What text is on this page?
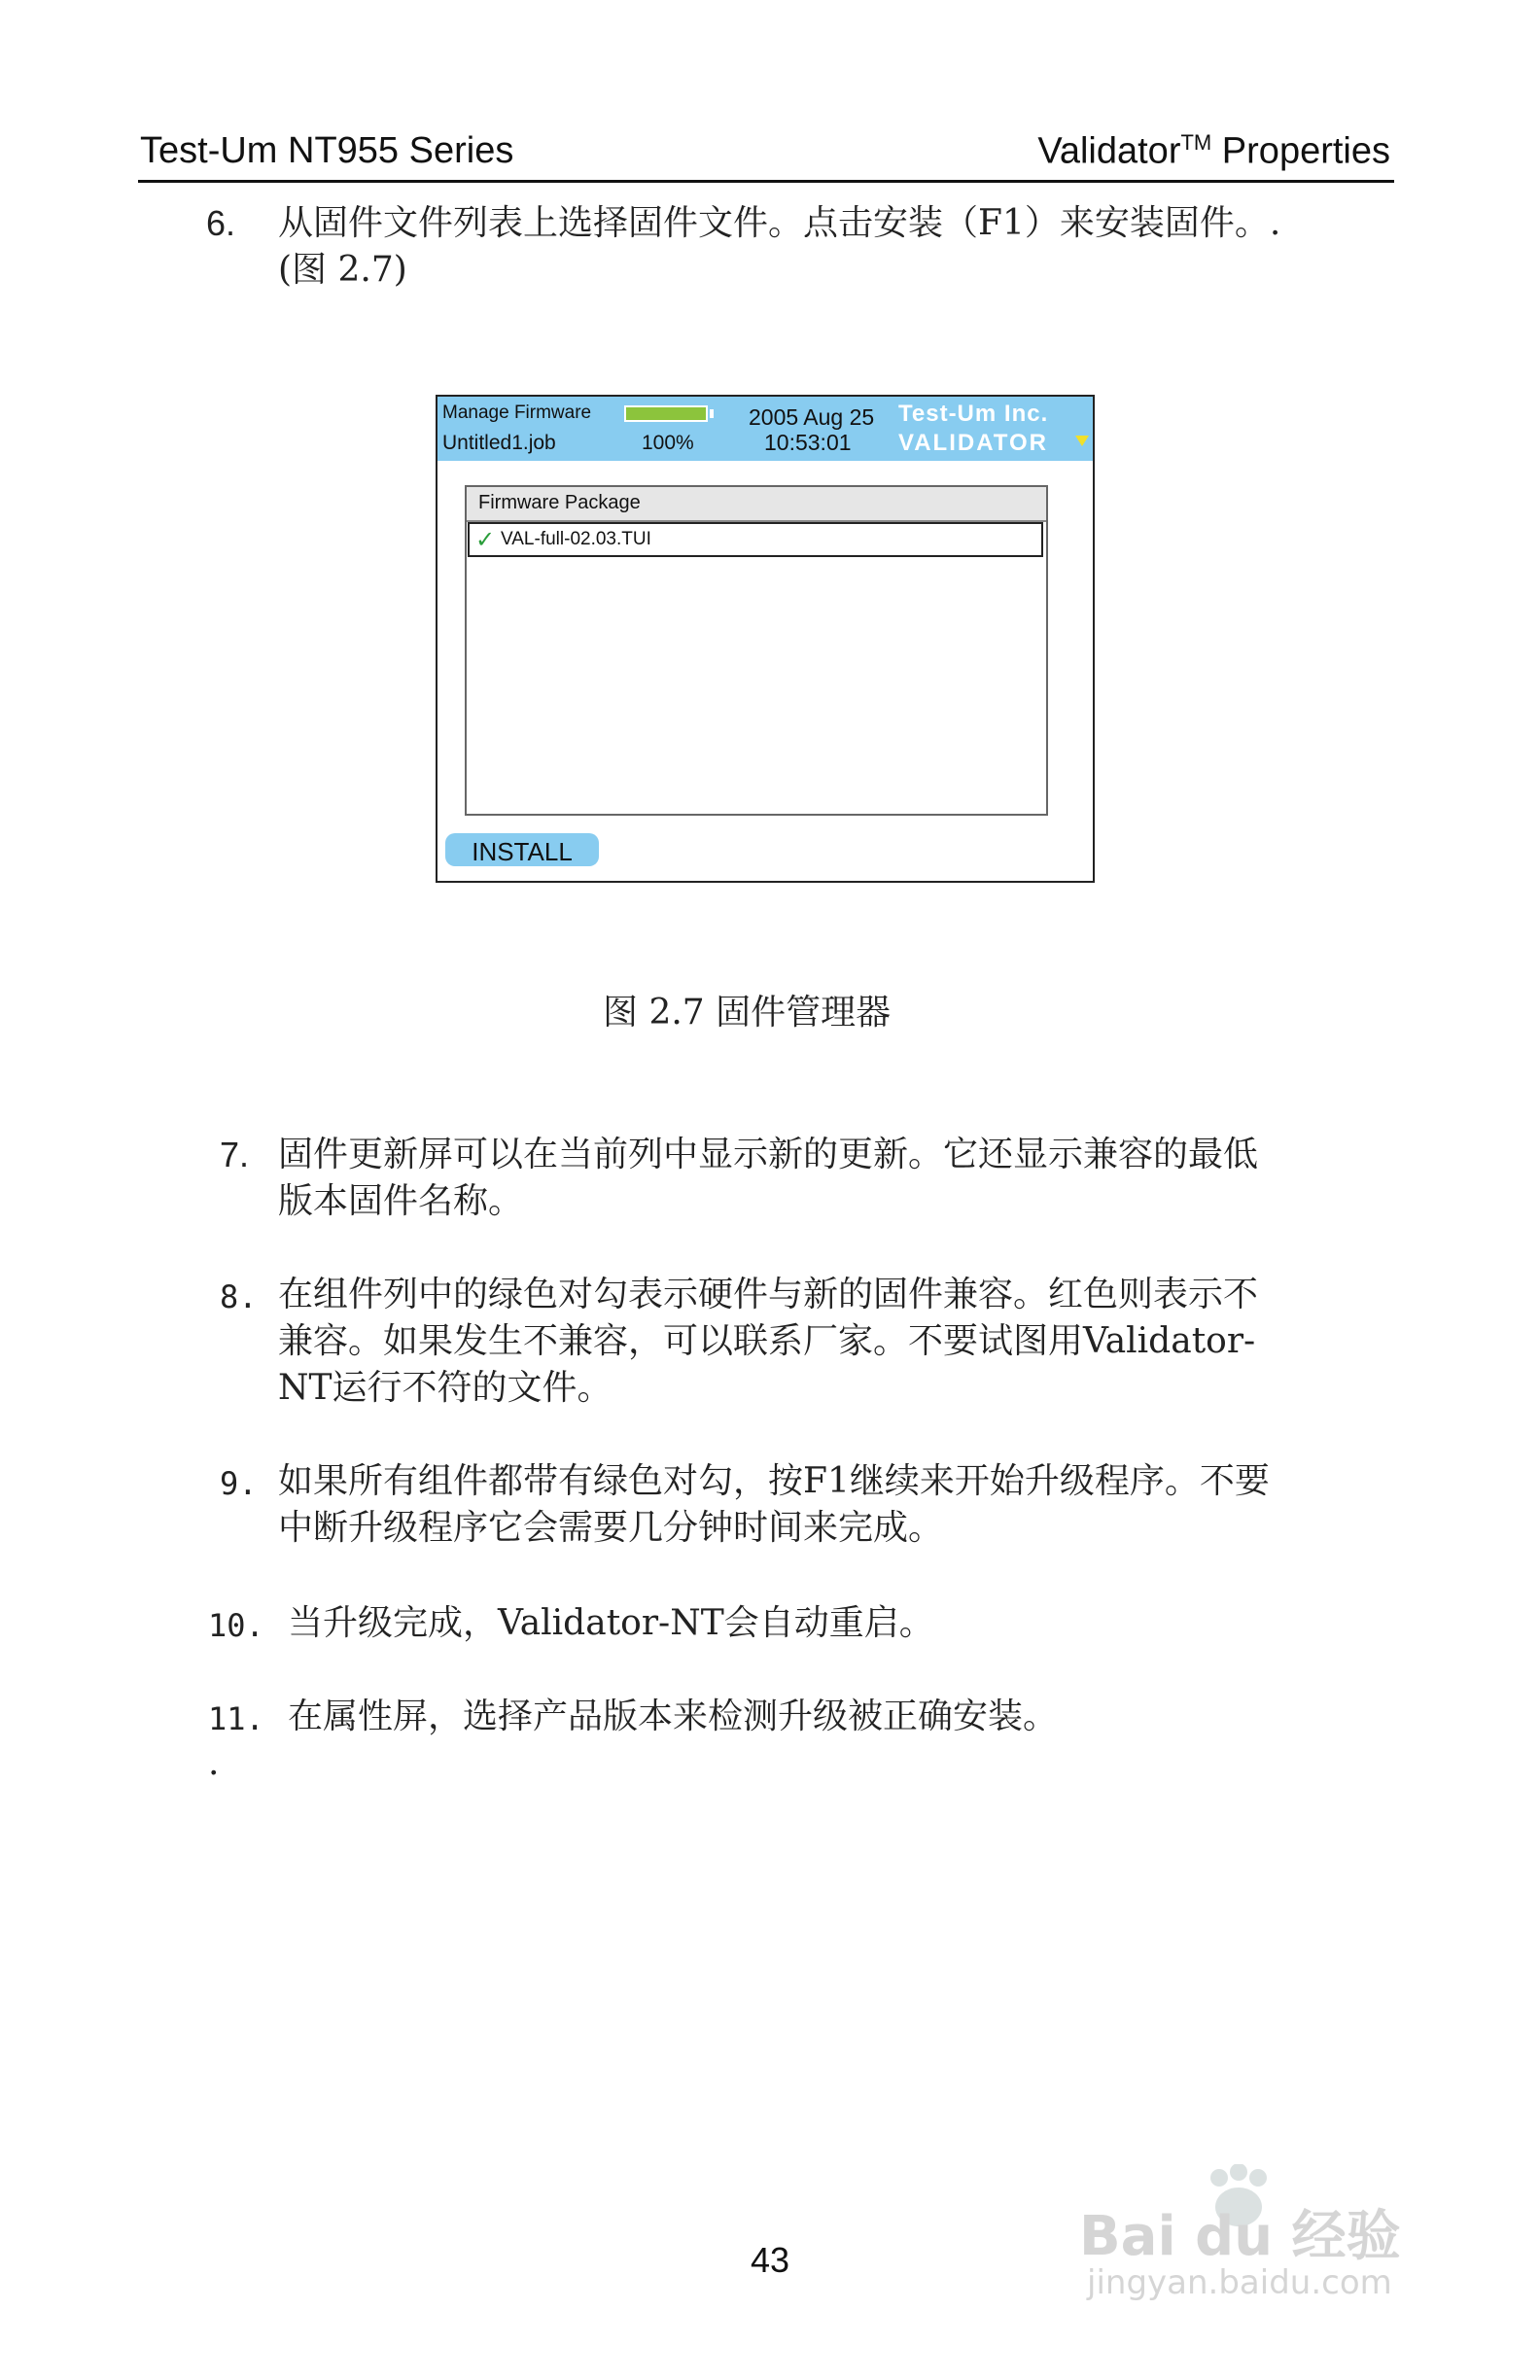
Test-Um NT955 Series	Validator™ Properties
6. 从固件文件列表上选择固件文件。点击安装（F1）来安装固件。.
(图 2.7)
Manage Firmware
Untitled1.job	100%
2005 Aug 25
10:53:01
Test-Um Inc.
VALIDATOR
Firmware Package
✓ VAL-full-02.03.TUI
INSTALL
图 2.7 固件管理器
7. 固件更新屏可以在当前列中显示新的更新。它还显示兼容的最低
版本固件名称。
8. 在组件列中的绿色对勾表示硬件与新的固件兼容。红色则表示不
兼容。如果发生不兼容，可以联系厂家。不要试图用Validator-
NT运行不符的文件。
9. 如果所有组件都带有绿色对勾，按F1继续来开始升级程序。不要
中断升级程序它会需要几分钟时间来完成。
10. 当升级完成，Validator-NT会自动重启。
11. 在属性屏，选择产品版本来检测升级被正确安装。
.
43	Bai du 经验
jingyan.baidu.com
